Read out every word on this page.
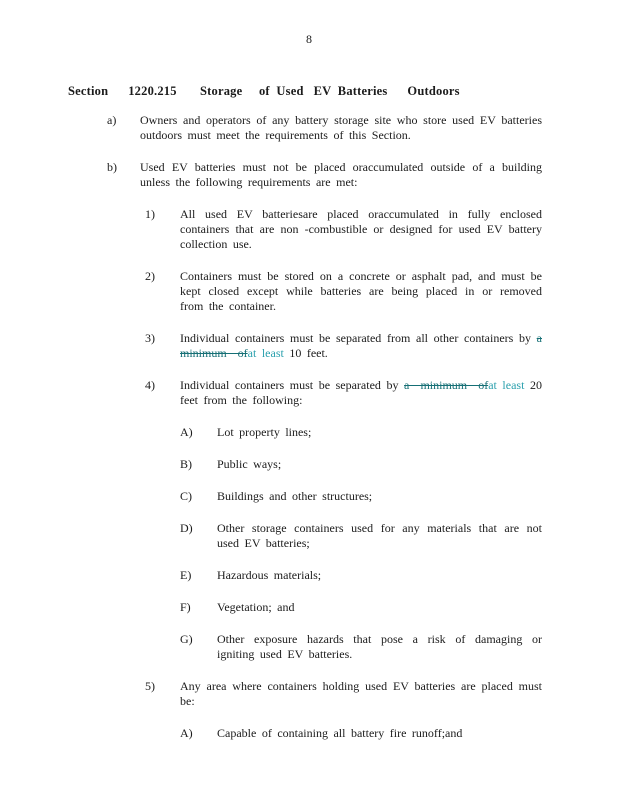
8
Section      1220.215       Storage     of  Used   EV  Batteries      Outdoors
a)	Owners and operators of any battery storage site who store used EV batteries outdoors must meet the requirements of this Section.
b)	Used EV batteries must not be placed oraccumulated outside of a building unless the following requirements are met:
1)	All used EV batteriesare placed oraccumulated in fully enclosed containers that are non -combustible or designed for used EV battery collection use.
2)	Containers must be stored on a concrete or asphalt pad, and must be kept closed except while batteries are being placed in or removed from the container.
3)	Individual containers must be separated from all other containers by a minimum ofat least 10 feet.
4)	Individual containers must be separated by a minimum ofat least 20 feet from the following:
A)	Lot property lines;
B)	Public ways;
C)	Buildings and other structures;
D)	Other storage containers used for any materials that are not used EV batteries;
E)	Hazardous materials;
F)	Vegetation; and
G)	Other exposure hazards that pose a risk of damaging or igniting used EV batteries.
5)	Any area where containers holding used EV batteries are placed must be:
A)	Capable of containing all battery fire runoff;and
